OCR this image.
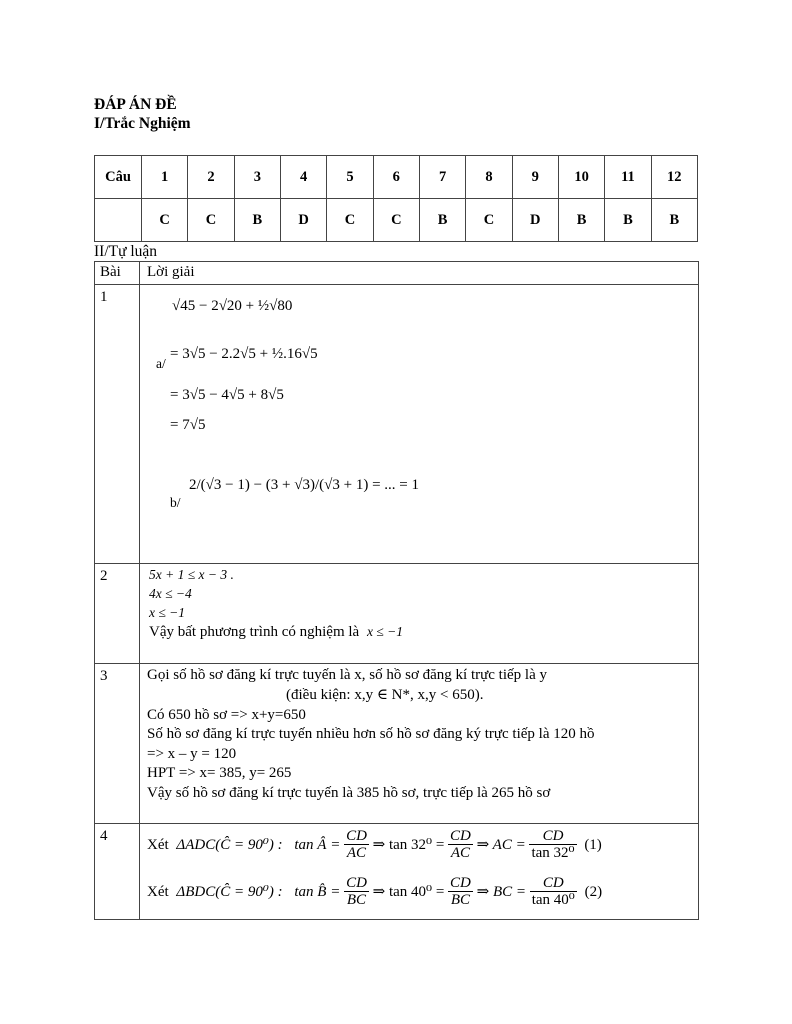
ĐÁP ÁN ĐỀ
I/Trắc Nghiệm
Câu	1	2	3	4	5	6	7	8	9	10	11	12
	C	C	B	D	C	C	B	C	D	B	B	B
II/Tự luận
Bài Lời giải
1
√45 − 2√20 + ½√80
a/
= 3√5 − 2.2√5 + ½.16√5
= 3√5 − 4√5 + 8√5
= 7√5
2/(√3 − 1) − (3 + √3)/(√3 + 1) = ... = 1
b/
2	5x + 1 ≤ x − 3 .
4x ≤ −4
x ≤ −1
Vậy bất phương trình có nghiệm là x ≤ −1
3	Gọi số hồ sơ đăng kí trực tuyến là x, số hồ sơ đăng kí trực tiếp là y
(điều kiện: x,y ∈ N*, x,y < 650).
Có 650 hồ sơ => x+y=650
Số hồ sơ đăng kí trực tuyến nhiều hơn số hồ sơ đăng ký trực tiếp là 120 hồ
=> x – y = 120
HPT => x= 385, y= 265
Vậy số hồ sơ đăng kí trực tuyến là 385 hồ sơ, trực tiếp là 265 hồ sơ
4
Xét ΔADC(Ĉ = 90⁰) : tan Â = $\frac{CD}{AC}$ ⇒ $\tan 32^0 = \frac{CD}{AC}$ ⇒ AC = $\frac{CD}{\text{tan 32⁰}} (1)$
Xét ΔBDC(Ĉ = 90⁰) : tan B̂ = $\frac{CD}{BC}$ ⇒ $\tan 40^0 = \frac{CD}{BC}$ ⇒ BC = $\frac{CD}{\text{tan 40⁰}} (2)$
